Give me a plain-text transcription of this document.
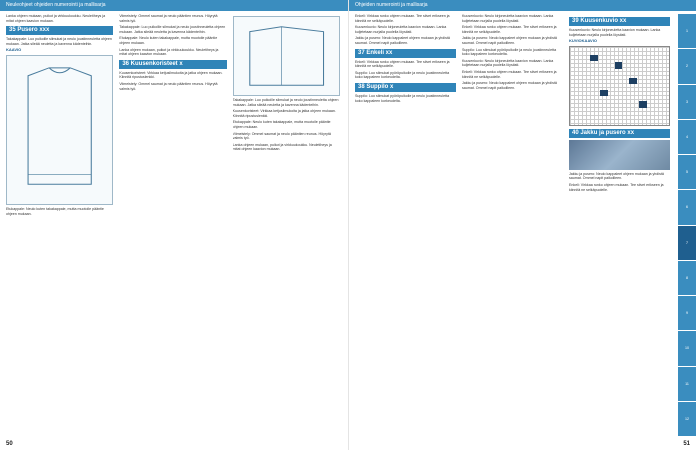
Neuleohjeet ohjeiden numerointi ja mallisarja

Lanka ohjeen mukaan, puikot ja virkkuukoukku. Neuletiheys ja mitat ohjeen kaavion mukaan.

35 Pusero xxx

Takakappale: Luo puikoille silmukat ja neulo joustinneuletta ohjeen mukaan. Jatka sileää neuletta ja kavenna kädenteihin.

KAAVIO

Etukappale: Neulo kuten takakappale, mutta muotoile pääntie ohjeen mukaan.

Viimeistely: Ommel saumat ja neulo pääntien reunus. Höyrytä valmis työ.

Takakappale: Luo puikoille silmukat ja neulo joustinneuletta ohjeen mukaan. Jatka sileää neuletta ja kavenna kädenteihin.

Etukappale: Neulo kuten takakappale, mutta muotoile pääntie ohjeen mukaan.

Lanka ohjeen mukaan, puikot ja virkkuukoukku. Neuletiheys ja mitat ohjeen kaavion mukaan.

36 Kuusenkoristeet x

Kuusenkoristeet: Virkkaa ketjusilmukoita ja jatka ohjeen mukaan. Kiinnitä ripustuslenkki.

Viimeistely: Ommel saumat ja neulo pääntien reunus. Höyrytä valmis työ.

Takakappale: Luo puikoille silmukat ja neulo joustinneuletta ohjeen mukaan. Jatka sileää neuletta ja kavenna kädenteihin.

Kuusenkoristeet: Virkkaa ketjusilmukoita ja jatka ohjeen mukaan. Kiinnitä ripustuslenkki.

Etukappale: Neulo kuten takakappale, mutta muotoile pääntie ohjeen mukaan.

Viimeistely: Ommel saumat ja neulo pääntien reunus. Höyrytä valmis työ.

Lanka ohjeen mukaan, puikot ja virkkuukoukku. Neuletiheys ja mitat ohjeen kaavion mukaan.

50
Ohjeiden numerointi ja mallisarja

Enkeli: Virkkaa runko ohjeen mukaan. Tee siivet erikseen ja kiinnitä ne selkäpuolelle.

Kuusenkuvio: Neulo kirjoneuletta kaavion mukaan. Lanka kuljetetaan nurjalla puolella löysästi.

Jakku ja pusero: Neulo kappaleet ohjeen mukaan ja yhdistä saumat. Ommel napit paikoilleen.

37 Enkeli xx

Enkeli: Virkkaa runko ohjeen mukaan. Tee siivet erikseen ja kiinnitä ne selkäpuolelle.

Suppilo: Luo silmukat pyöröpuikolle ja neulo joustinneuletta koko kappaleen korkeudelta.

38 Suppilo x

Suppilo: Luo silmukat pyöröpuikolle ja neulo joustinneuletta koko kappaleen korkeudelta.

Kuusenkuvio: Neulo kirjoneuletta kaavion mukaan. Lanka kuljetetaan nurjalla puolella löysästi.

Enkeli: Virkkaa runko ohjeen mukaan. Tee siivet erikseen ja kiinnitä ne selkäpuolelle.

Jakku ja pusero: Neulo kappaleet ohjeen mukaan ja yhdistä saumat. Ommel napit paikoilleen.

Suppilo: Luo silmukat pyöröpuikolle ja neulo joustinneuletta koko kappaleen korkeudelta.

Kuusenkuvio: Neulo kirjoneuletta kaavion mukaan. Lanka kuljetetaan nurjalla puolella löysästi.

Enkeli: Virkkaa runko ohjeen mukaan. Tee siivet erikseen ja kiinnitä ne selkäpuolelle.

Jakku ja pusero: Neulo kappaleet ohjeen mukaan ja yhdistä saumat. Ommel napit paikoilleen.

39 Kuusenkuvio xx

Kuusenkuvio: Neulo kirjoneuletta kaavion mukaan. Lanka kuljetetaan nurjalla puolella löysästi.

KUVIOKAAVIO
40 Jakku ja pusero xx

Jakku ja pusero: Neulo kappaleet ohjeen mukaan ja yhdistä saumat. Ommel napit paikoilleen.

Enkeli: Virkkaa runko ohjeen mukaan. Tee siivet erikseen ja kiinnitä ne selkäpuolelle.

1
2
3
4
5
6
7
8
9
10
11
12
51
